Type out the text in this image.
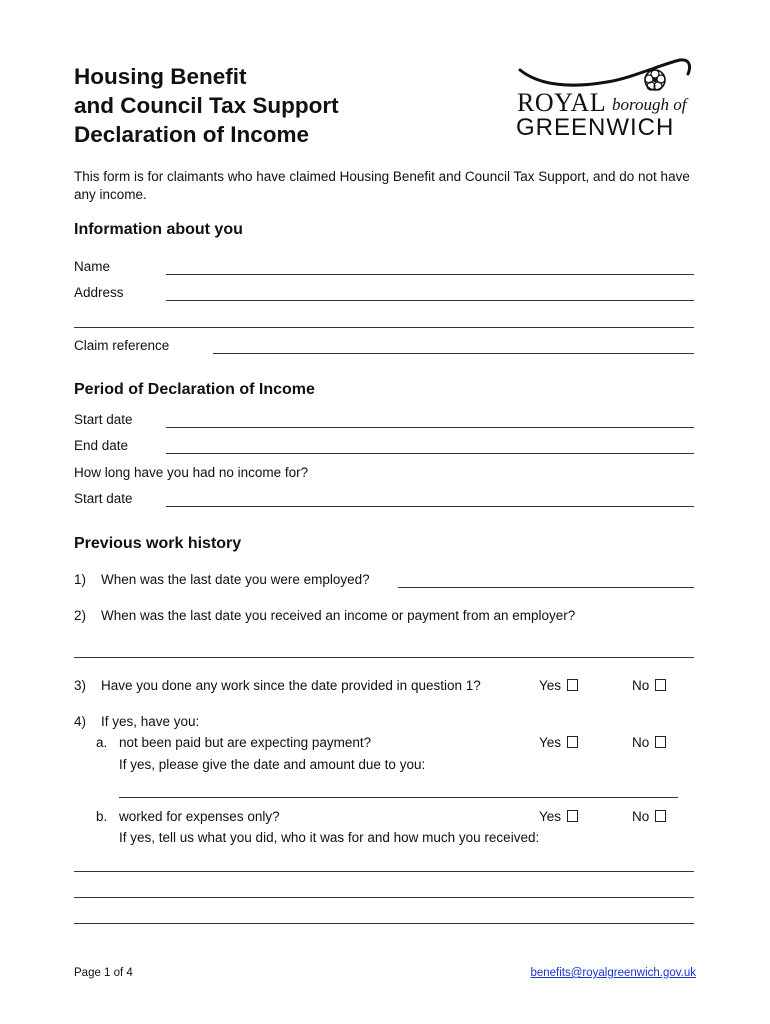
Housing Benefit
and Council Tax Support
Declaration of Income
ROYAL borough of
GREENWICH

This form is for claimants who have claimed Housing Benefit and Council Tax Support, and do not have any income.

Information about you
Name
Address
Claim reference
Period of Declaration of Income
Start date
End date
How long have you had no income for?
Start date
Previous work history
1) When was the last date you were employed?
2) When was the last date you received an income or payment from an employer?
3) Have you done any work since the date provided in question 1?	Yes	No
4) If yes, have you:
a. not been paid but are expecting payment?	Yes	No
If yes, please give the date and amount due to you:
b. worked for expenses only?	Yes	No
If yes, tell us what you did, who it was for and how much you received:
Page 1 of 4	benefits@royalgreenwich.gov.uk
